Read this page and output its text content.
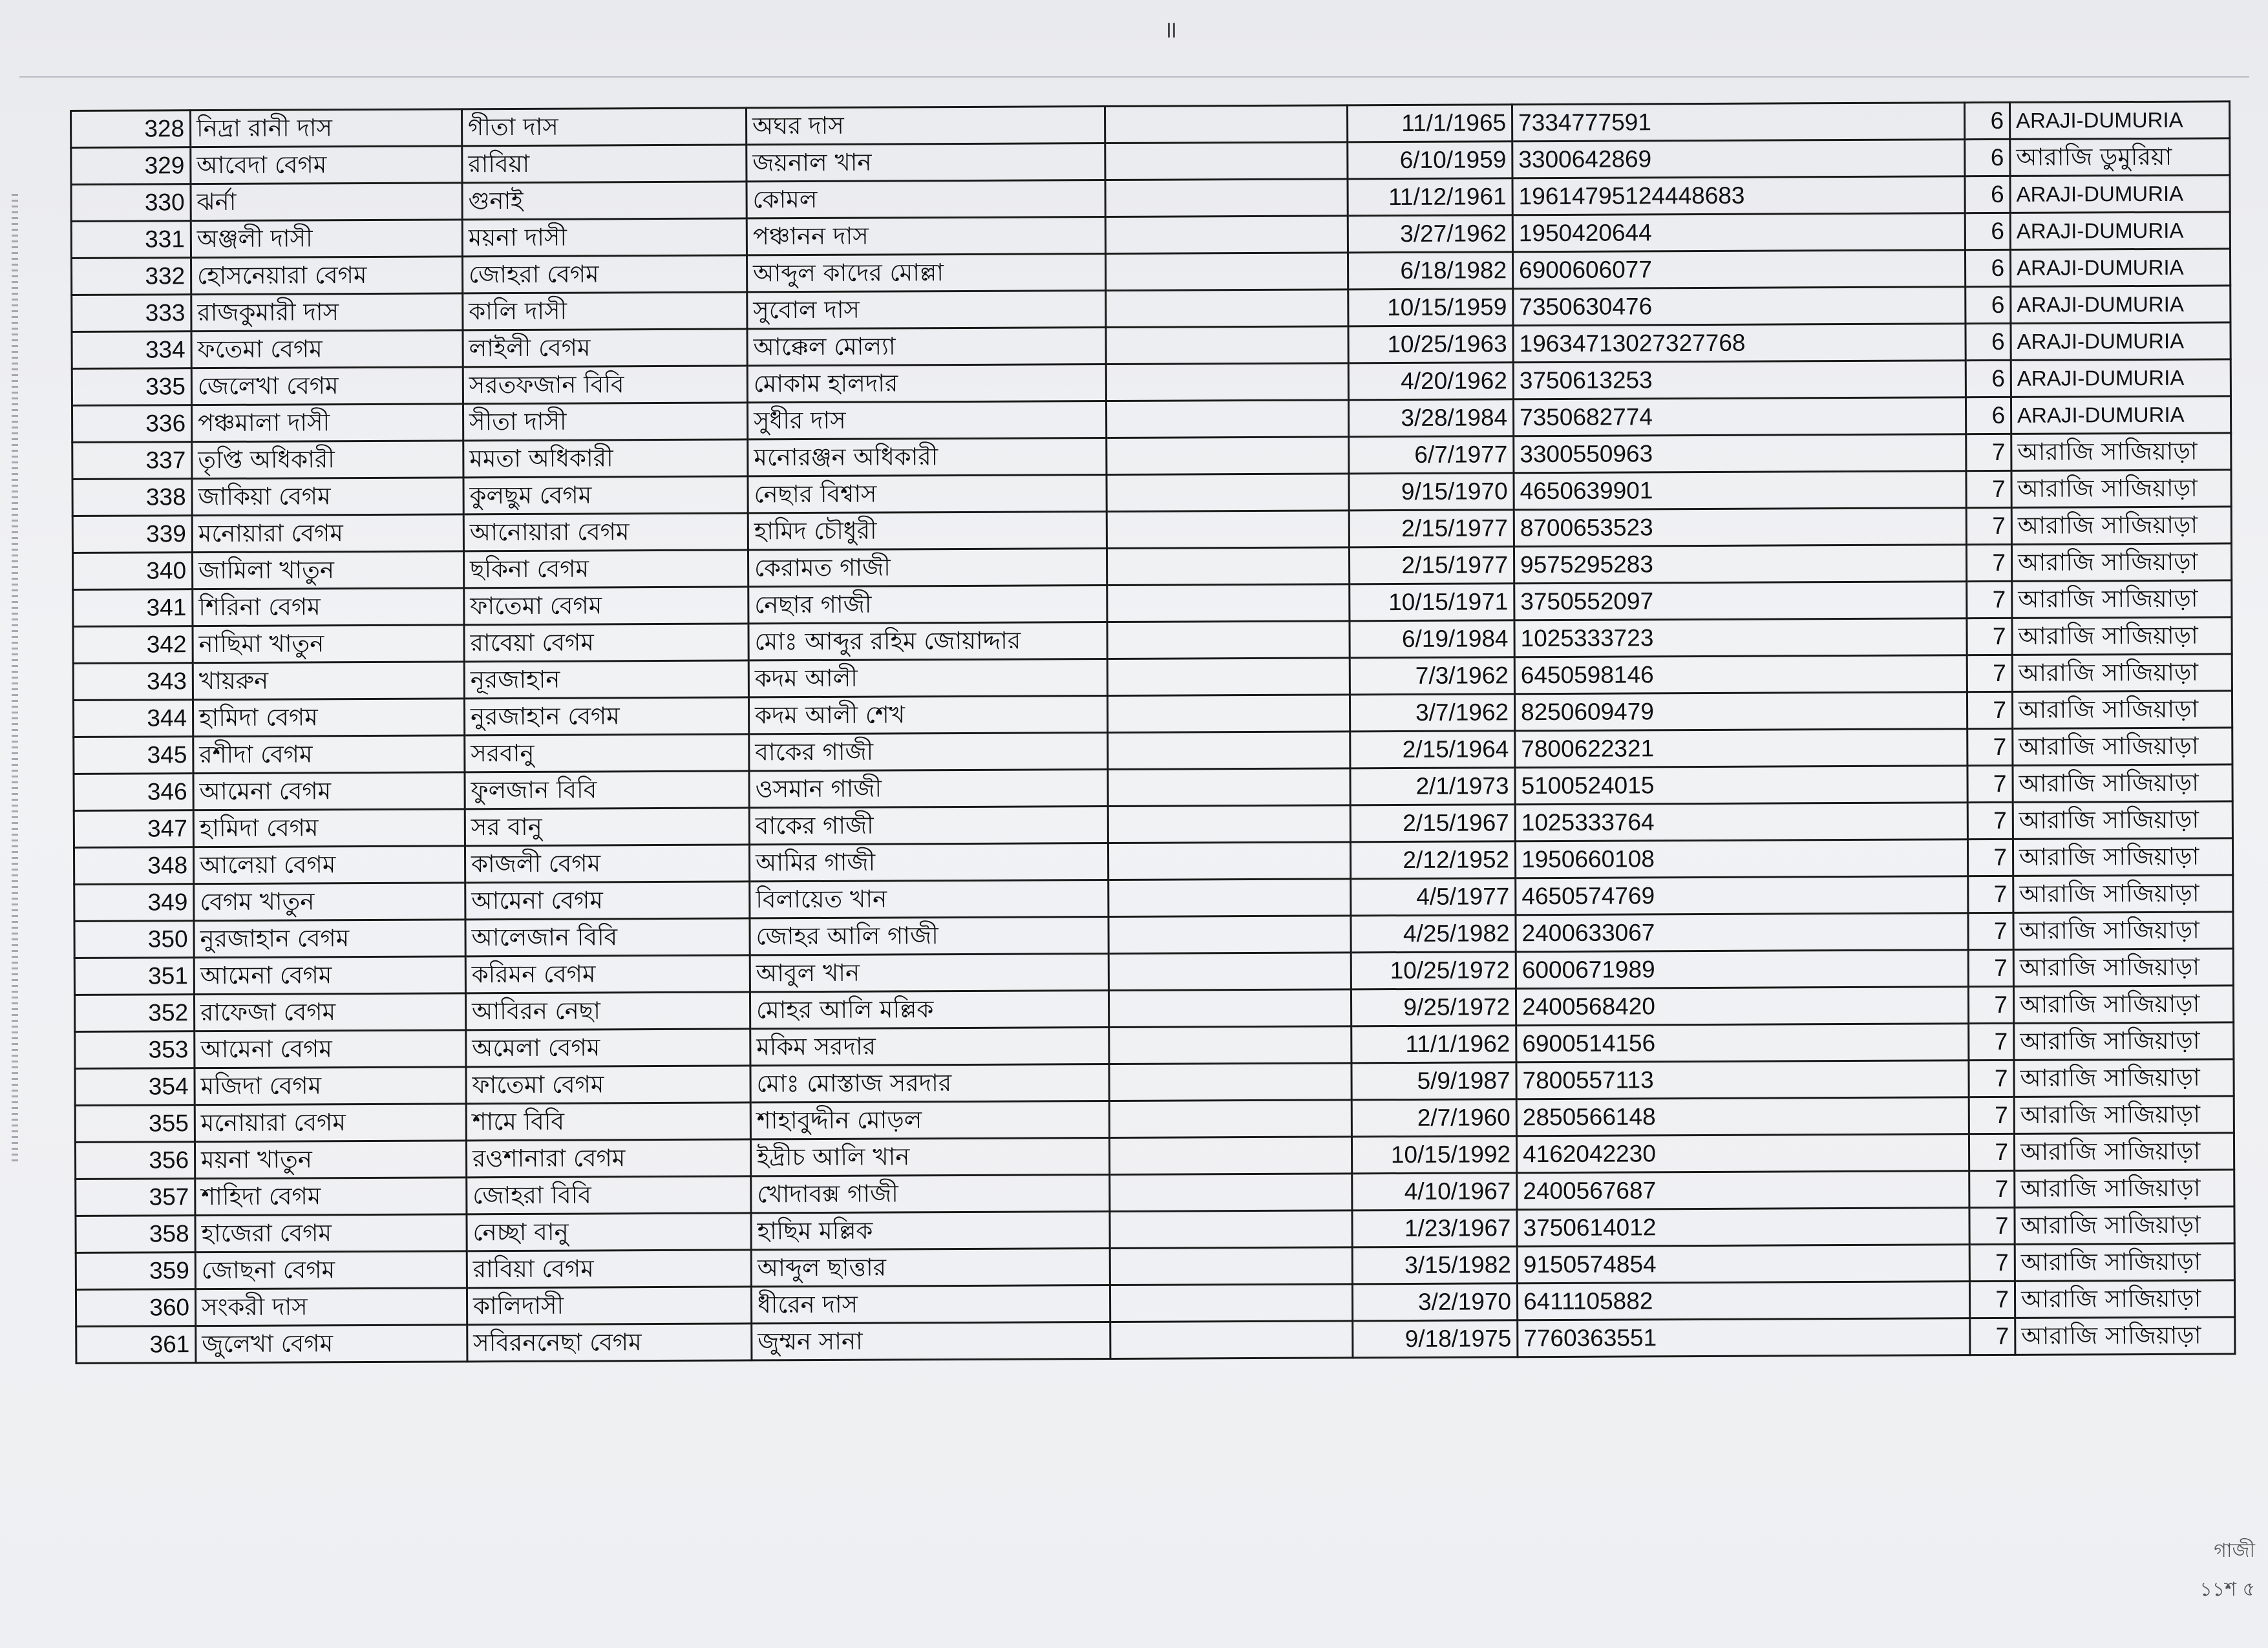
॥
328	নিদ্রা রানী দাস	গীতা দাস	অঘর দাস		11/1/1965	7334777591	6	ARAJI-DUMURIA
329	আবেদা বেগম	রাবিয়া	জয়নাল খান		6/10/1959	3300642869	6	আরাজি ডুমুরিয়া
330	ঝর্না	গুনাই	কোমল		11/12/1961	19614795124448683	6	ARAJI-DUMURIA
331	অঞ্জলী দাসী	ময়না দাসী	পঞ্চানন দাস		3/27/1962	1950420644	6	ARAJI-DUMURIA
332	হোসনেয়ারা বেগম	জোহরা বেগম	আব্দুল কাদের মোল্লা		6/18/1982	6900606077	6	ARAJI-DUMURIA
333	রাজকুমারী দাস	কালি দাসী	সুবোল দাস		10/15/1959	7350630476	6	ARAJI-DUMURIA
334	ফতেমা বেগম	লাইলী বেগম	আক্কেল মোল্যা		10/25/1963	19634713027327768	6	ARAJI-DUMURIA
335	জেলেখা বেগম	সরতফজান বিবি	মোকাম হালদার		4/20/1962	3750613253	6	ARAJI-DUMURIA
336	পঞ্চমালা দাসী	সীতা দাসী	সুধীর দাস		3/28/1984	7350682774	6	ARAJI-DUMURIA
337	তৃপ্তি অধিকারী	মমতা অধিকারী	মনোরঞ্জন অধিকারী		6/7/1977	3300550963	7	আরাজি সাজিয়াড়া
338	জাকিয়া বেগম	কুলছুম বেগম	নেছার বিশ্বাস		9/15/1970	4650639901	7	আরাজি সাজিয়াড়া
339	মনোয়ারা বেগম	আনোয়ারা বেগম	হামিদ চৌধুরী		2/15/1977	8700653523	7	আরাজি সাজিয়াড়া
340	জামিলা খাতুন	ছকিনা বেগম	কেরামত গাজী		2/15/1977	9575295283	7	আরাজি সাজিয়াড়া
341	শিরিনা বেগম	ফাতেমা বেগম	নেছার গাজী		10/15/1971	3750552097	7	আরাজি সাজিয়াড়া
342	নাছিমা খাতুন	রাবেয়া বেগম	মোঃ আব্দুর রহিম জোয়াদ্দার		6/19/1984	1025333723	7	আরাজি সাজিয়াড়া
343	খায়রুন	নূরজাহান	কদম আলী		7/3/1962	6450598146	7	আরাজি সাজিয়াড়া
344	হামিদা বেগম	নুরজাহান বেগম	কদম আলী শেখ		3/7/1962	8250609479	7	আরাজি সাজিয়াড়া
345	রশীদা বেগম	সরবানু	বাকের গাজী		2/15/1964	7800622321	7	আরাজি সাজিয়াড়া
346	আমেনা বেগম	ফুলজান বিবি	ওসমান গাজী		2/1/1973	5100524015	7	আরাজি সাজিয়াড়া
347	হামিদা বেগম	সর বানু	বাকের গাজী		2/15/1967	1025333764	7	আরাজি সাজিয়াড়া
348	আলেয়া বেগম	কাজলী বেগম	আমির গাজী		2/12/1952	1950660108	7	আরাজি সাজিয়াড়া
349	বেগম খাতুন	আমেনা বেগম	বিলায়েত খান		4/5/1977	4650574769	7	আরাজি সাজিয়াড়া
350	নুরজাহান বেগম	আলেজান বিবি	জোহর আলি গাজী		4/25/1982	2400633067	7	আরাজি সাজিয়াড়া
351	আমেনা বেগম	করিমন বেগম	আবুল খান		10/25/1972	6000671989	7	আরাজি সাজিয়াড়া
352	রাফেজা বেগম	আবিরন নেছা	মোহর আলি মল্লিক		9/25/1972	2400568420	7	আরাজি সাজিয়াড়া
353	আমেনা বেগম	অমেলা বেগম	মকিম সরদার		11/1/1962	6900514156	7	আরাজি সাজিয়াড়া
354	মজিদা বেগম	ফাতেমা বেগম	মোঃ মোস্তাজ সরদার		5/9/1987	7800557113	7	আরাজি সাজিয়াড়া
355	মনোয়ারা বেগম	শামে বিবি	শাহাবুদ্দীন মোড়ল		2/7/1960	2850566148	7	আরাজি সাজিয়াড়া
356	ময়না খাতুন	রওশানারা বেগম	ইদ্রীচ আলি খান		10/15/1992	4162042230	7	আরাজি সাজিয়াড়া
357	শাহিদা বেগম	জোহরা বিবি	খোদাবক্স গাজী		4/10/1967	2400567687	7	আরাজি সাজিয়াড়া
358	হাজেরা বেগম	নেচ্ছা বানু	হাছিম মল্লিক		1/23/1967	3750614012	7	আরাজি সাজিয়াড়া
359	জোছনা বেগম	রাবিয়া বেগম	আব্দুল ছাত্তার		3/15/1982	9150574854	7	আরাজি সাজিয়াড়া
360	সংকরী দাস	কালিদাসী	ধীরেন দাস		3/2/1970	6411105882	7	আরাজি সাজিয়াড়া
361	জুলেখা বেগম	সবিরননেছা বেগম	জুম্মন সানা		9/18/1975	7760363551	7	আরাজি সাজিয়াড়া
গাজী
১১শ ৫
